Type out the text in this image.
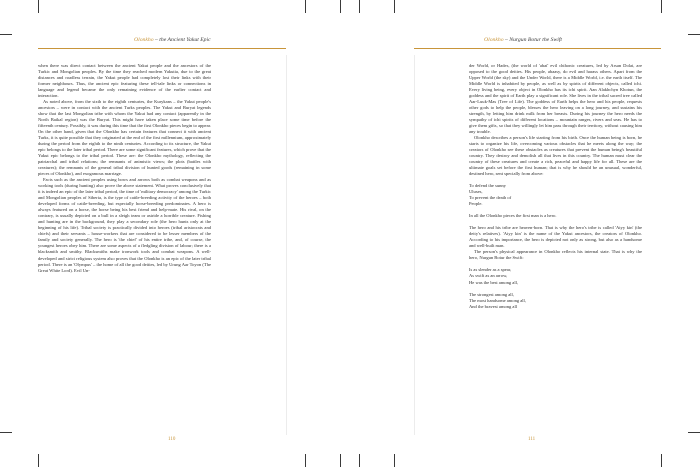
Olonkho – the Ancient Yakut Epic

when there was direct contact between the ancient Yakut people and the ancestors of the Turkic and Mongolian peoples. By the time they reached modern Yakutia, due to the great distances and roadless terrain, the Yakut people had completely lost their links with their former neighbours. Thus, the ancient epic featuring these tell-tale links or connections in language and legend became the only remaining evidence of the earlier contact and interaction.

As noted above, from the sixth to the eighth centuries, the Kurykans – the Yakut people's ancestors – were in contact with the ancient Turks peoples. The Yakut and Buryat legends show that the last Mongolian tribe with whom the Yakut had any contact (apparently in the North Baikal region) was the Buryat. This might have taken place some time before the fifteenth century. Possibly, it was during this time that the first Olonkho pieces begin to appear. On the other hand, given that the Olonkho has certain features that connect it with ancient Turks, it is quite possible that they originated at the end of the first millennium, approximately during the period from the eighth to the ninth centuries. According to its structure, the Yakut epic belongs to the later tribal period. There are some significant features, which prove that the Yakut epic belongs to the tribal period. These are: the Olonkho mythology, reflecting the patriarchal and tribal relations; the remnants of animistic views; the plots (battles with creatures); the remnants of the general tribal division of hunted goods (remaining in some pieces of Olonkho), and exogamous marriage.

Facts such as the ancient peoples using bows and arrows both as combat weapons and as working tools (during hunting) also prove the above statement. What proves conclusively that it is indeed an epic of the later tribal period, the time of 'military democracy' among the Turkic and Mongolian peoples of Siberia, is the type of cattle-breeding activity of the heroes – both developed forms of cattle-breeding, but especially horse-breeding predominates. A hero is always featured on a horse, the horse being his best friend and help-mate. His rival, on the contrary, is usually depicted on a bull in a sleigh team or astride a horrible creature. Fishing and hunting are in the background, they play a secondary role (the hero hunts only at the beginning of his life). Tribal society is practically divided into heroes (tribal aristocrats and chiefs) and their servants – house-workers that are considered to be lesser members of the family and society generally. The hero is 'the chief' of his entire tribe, and, of course, the youngest heroes obey him. There are some aspects of a fledgling division of labour; there is a blacksmith and smithy. Blacksmiths make ironwork tools and combat weapons. A well-developed and strict religious system also proves that the Olonkho is an epic of the later tribal period. There is an 'Olympus' – the home of all the good deities, led by Urung Aar Toyon (The Great White Lord). Evil Un-

110
Olonkho – Nurgun Botur the Swift

der World, or Hades, (the world of 'abaï' evil chthonic creatures, led by Arsan Dolai, are opposed to the good deities. His people, abaasy, do evil and harass others. Apart from the Upper World (the sky) and the Under World, there is a Middle World, i.e. the earth itself. The Middle World is inhabited by people, as well as by spirits of different objects, called ichi. Every living being, every object in Olonkho has its ichi spirit. Aan Alakhchyn Khotun, the goddess and the spirit of Earth play a significant role. She lives in the tribal sacred tree called Aar-Luuk-Mas (Tree of Life). The goddess of Earth helps the hero and his people, requests other gods to help the people, blesses the hero leaving on a long journey, and sustains his strength, by letting him drink milk from her breasts. During his journey the hero needs the sympathy of ichi spirits of different locations – mountain ranges, rivers and seas. He has to give them gifts, so that they willingly let him pass through their territory, without causing him any trouble.

Olonkho describes a person's life starting from his birth. Once the human being is born, he starts to organize his life, overcoming various obstacles that he meets along the way; the creators of Olonkho see these obstacles as creatures that prevent the human being's beautiful country. They destroy and demolish all that lives in this country. The human must clear the country of these creatures and create a rich, peaceful and happy life for all. These are the ultimate goals set before the first human; that is why he should be an unusual, wonderful, destined hero, sent specially from above:

To defend the sunny

Uluses,

To prevent the death of

People.

In all the Olonkho pieces the first man is a hero.

The hero and his tribe are heaven-born. That is why the hero's tribe is called 'Aiyy kin' (the deity's relatives). 'Aiyy kin' is the name of the Yakut ancestors, the creators of Olonkho. According to his importance, the hero is depicted not only as strong, but also as a handsome and well-built man.

The person's physical appearance in Olonkho reflects his internal state. That is why the hero, Nurgun Botur the Swift:

Is as slender as a spear,

As swift as an arrow,

He was the best among all,

The strongest among all,

The most handsome among all,

And the bravest among all

111
